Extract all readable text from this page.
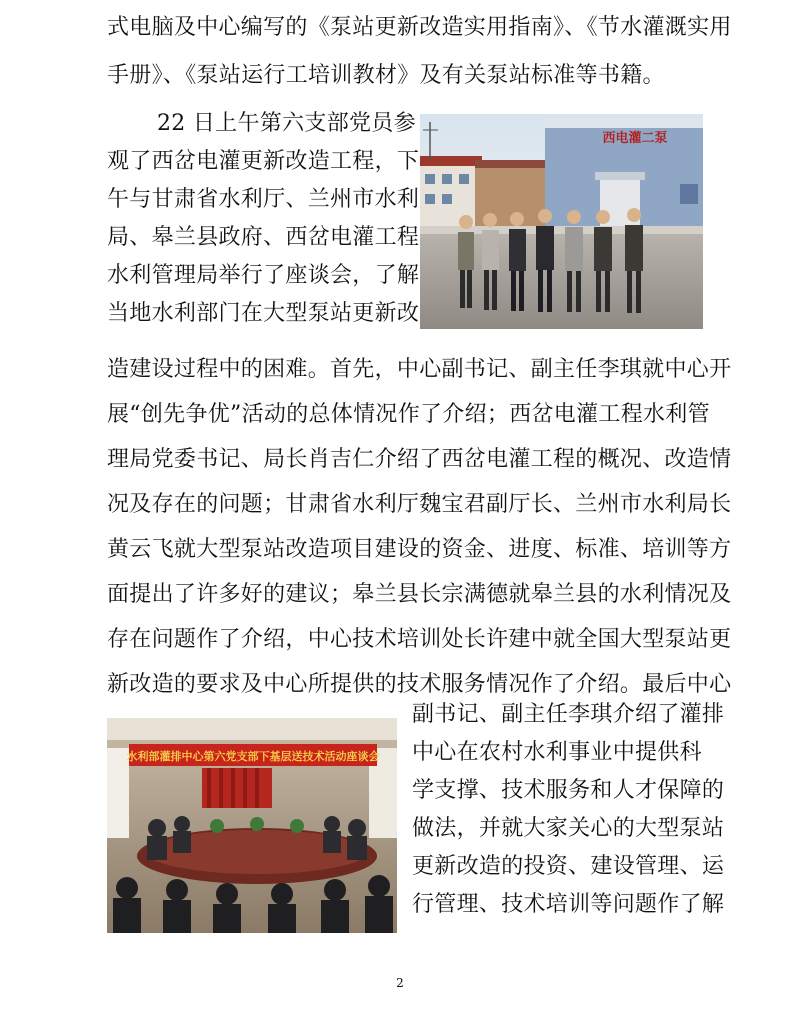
式电脑及中心编写的《泵站更新改造实用指南》、《节水灌溉实用
手册》、《泵站运行工培训教材》及有关泵站标准等书籍。
22 日上午第六支部党员参
观了西岔电灌更新改造工程，下
午与甘肃省水利厅、兰州市水利
局、皋兰县政府、西岔电灌工程
水利管理局举行了座谈会，了解
当地水利部门在大型泵站更新改
西电灌二泵
造建设过程中的困难。首先，中心副书记、副主任李琪就中心开
展“创先争优”活动的总体情况作了介绍；西岔电灌工程水利管
理局党委书记、局长肖吉仁介绍了西岔电灌工程的概况、改造情
况及存在的问题；甘肃省水利厅魏宝君副厅长、兰州市水利局长
黄云飞就大型泵站改造项目建设的资金、进度、标准、培训等方
面提出了许多好的建议；皋兰县长宗满德就皋兰县的水利情况及
存在问题作了介绍，中心技术培训处长许建中就全国大型泵站更
新改造的要求及中心所提供的技术服务情况作了介绍。最后中心
水利部灌排中心第六党支部下基层送技术活动座谈会
副书记、副主任李琪介绍了灌排
中心在农村水利事业中提供科
学支撑、技术服务和人才保障的
做法，并就大家关心的大型泵站
更新改造的投资、建设管理、运
行管理、技术培训等问题作了解
2
